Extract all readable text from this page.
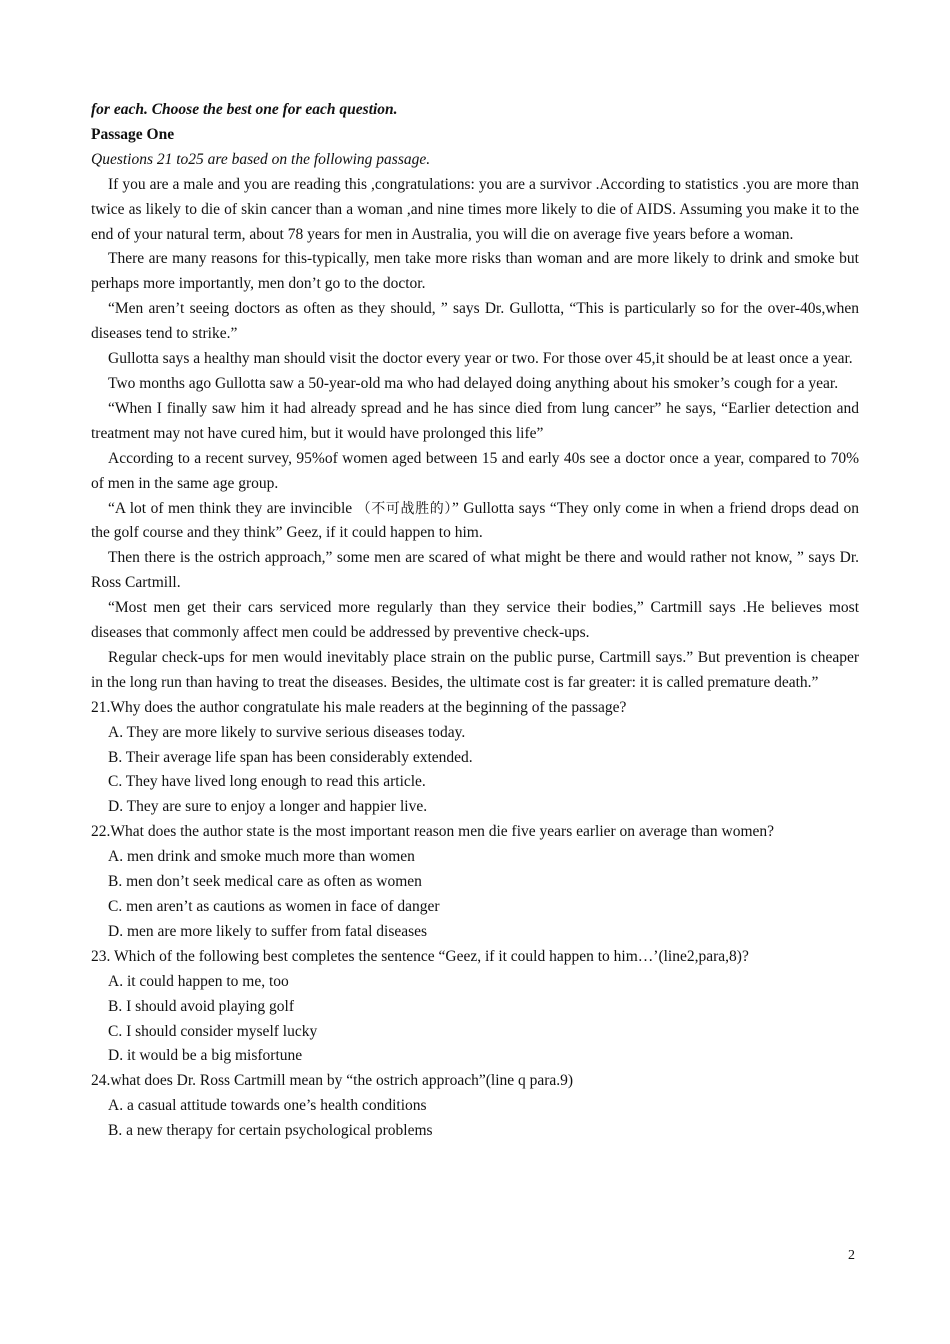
for each. Choose the best one for each question.

Passage One

Questions 21 to25 are based on the following passage.

If you are a male and you are reading this ,congratulations: you are a survivor .According to statistics .you are more than twice as likely to die of skin cancer than a woman ,and nine times more likely to die of AIDS. Assuming you make it to the end of your natural term, about 78 years for men in Australia, you will die on average five years before a woman.

There are many reasons for this-typically, men take more risks than woman and are more likely to drink and smoke but perhaps more importantly, men don’t go to the doctor.

“Men aren’t seeing doctors as often as they should, ” says Dr. Gullotta, “This is particularly so for the over-40s,when diseases tend to strike.”

Gullotta says a healthy man should visit the doctor every year or two. For those over 45,it should be at least once a year.

Two months ago Gullotta saw a 50-year-old ma who had delayed doing anything about his smoker’s cough for a year.

“When I finally saw him it had already spread and he has since died from lung cancer” he says, “Earlier detection and treatment may not have cured him, but it would have prolonged this life”

According to a recent survey, 95%of women aged between 15 and early 40s see a doctor once a year, compared to 70% of men in the same age group.

“A lot of men think they are invincible （不可战胜的）” Gullotta says “They only come in when a friend drops dead on the golf course and they think” Geez, if it could happen to him.

Then there is the ostrich approach,” some men are scared of what might be there and would rather not know, ” says Dr. Ross Cartmill.

“Most men get their cars serviced more regularly than they service their bodies,” Cartmill says .He believes most diseases that commonly affect men could be addressed by preventive check-ups.

Regular check-ups for men would inevitably place strain on the public purse, Cartmill says.” But prevention is cheaper in the long run than having to treat the diseases. Besides, the ultimate cost is far greater: it is called premature death.”

21.Why does the author congratulate his male readers at the beginning of the passage?

A. They are more likely to survive serious diseases today.

B. Their average life span has been considerably extended.

C. They have lived long enough to read this article.

D. They are sure to enjoy a longer and happier live.

22.What does the author state is the most important reason men die five years earlier on average than women?

A. men drink and smoke much more than women

B. men don’t seek medical care as often as women

C. men aren’t as cautions as women in face of danger

D. men are more likely to suffer from fatal diseases

23. Which of the following best completes the sentence “Geez, if it could happen to him…’(line2,para,8)?

A. it could happen to me, too

B. I should avoid playing golf

C. I should consider myself lucky

D. it would be a big misfortune

24.what does Dr. Ross Cartmill mean by “the ostrich approach”(line q para.9)

A. a casual attitude towards one’s health conditions

B. a new therapy for certain psychological problems

2
